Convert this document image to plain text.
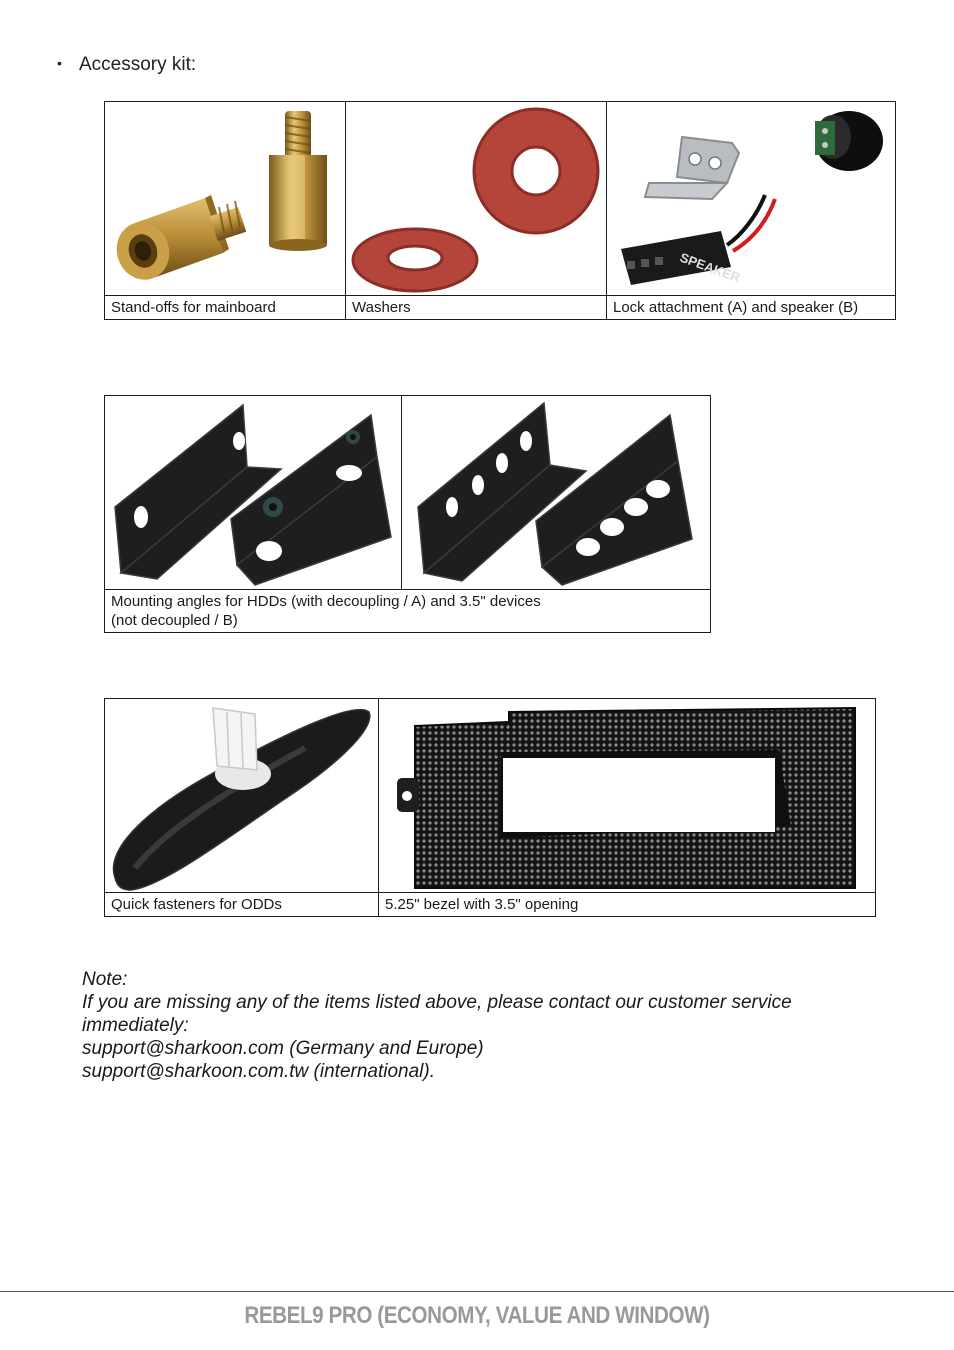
• Accessory kit:

SPEAKER

Stand-offs for mainboard	Washers	Lock attachment (A) and speaker (B)

Mounting angles for HDDs (with decoupling / A) and 3.5" devices
(not decoupled / B)

Quick fasteners for ODDs	5.25" bezel with 3.5" opening
Note:
If you are missing any of the items listed above, please contact our customer service
immediately:
support@sharkoon.com (Germany and Europe)
support@sharkoon.com.tw (international).
REBEL9 PRO (ECONOMY, VALUE AND WINDOW)
